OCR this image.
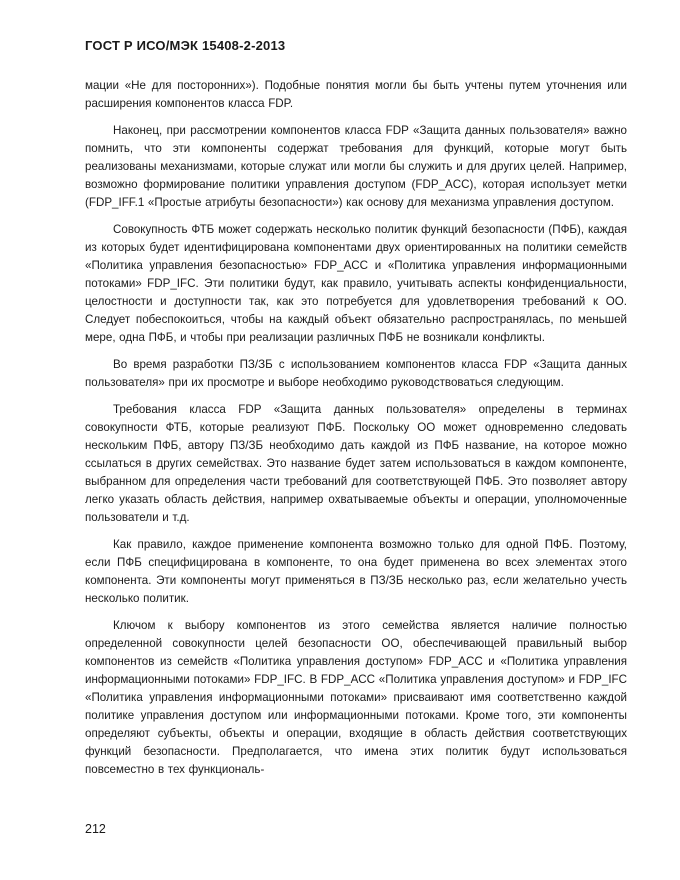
ГОСТ Р ИСО/МЭК 15408-2-2013

мации «Не для посторонних»). Подобные понятия могли бы быть учтены путем уточнения или расширения компонентов класса FDP.

Наконец, при рассмотрении компонентов класса FDP «Защита данных пользователя» важно помнить, что эти компоненты содержат требования для функций, которые могут быть реализованы механизмами, которые служат или могли бы служить и для других целей. Например, возможно формирование политики управления доступом (FDP_ACC), которая использует метки (FDP_IFF.1 «Простые атрибуты безопасности») как основу для механизма управления доступом.

Совокупность ФТБ может содержать несколько политик функций безопасности (ПФБ), каждая из которых будет идентифицирована компонентами двух ориентированных на политики семейств «Политика управления безопасностью» FDP_ACC и «Политика управления информационными потоками» FDP_IFC. Эти политики будут, как правило, учитывать аспекты конфиденциальности, целостности и доступности так, как это потребуется для удовлетворения требований к ОО. Следует побеспокоиться, чтобы на каждый объект обязательно распространялась, по меньшей мере, одна ПФБ, и чтобы при реализации различных ПФБ не возникали конфликты.

Во время разработки ПЗ/ЗБ с использованием компонентов класса FDP «Защита данных пользователя» при их просмотре и выборе необходимо руководствоваться следующим.

Требования класса FDP «Защита данных пользователя» определены в терминах совокупности ФТБ, которые реализуют ПФБ. Поскольку ОО может одновременно следовать нескольким ПФБ, автору ПЗ/ЗБ необходимо дать каждой из ПФБ название, на которое можно ссылаться в других семействах. Это название будет затем использоваться в каждом компоненте, выбранном для определения части требований для соответствующей ПФБ. Это позволяет автору легко указать область действия, например охватываемые объекты и операции, уполномоченные пользователи и т.д.

Как правило, каждое применение компонента возможно только для одной ПФБ. Поэтому, если ПФБ специфицирована в компоненте, то она будет применена во всех элементах этого компонента. Эти компоненты могут применяться в ПЗ/ЗБ несколько раз, если желательно учесть несколько политик.

Ключом к выбору компонентов из этого семейства является наличие полностью определенной совокупности целей безопасности ОО, обеспечивающей правильный выбор компонентов из семейств «Политика управления доступом» FDP_ACC и «Политика управления информационными потоками» FDP_IFC. В FDP_ACC «Политика управления доступом» и FDP_IFC «Политика управления информационными потоками» присваивают имя соответственно каждой политике управления доступом или информационными потоками. Кроме того, эти компоненты определяют субъекты, объекты и операции, входящие в область действия соответствующих функций безопасности. Предполагается, что имена этих политик будут использоваться повсеместно в тех функциональ-

212
